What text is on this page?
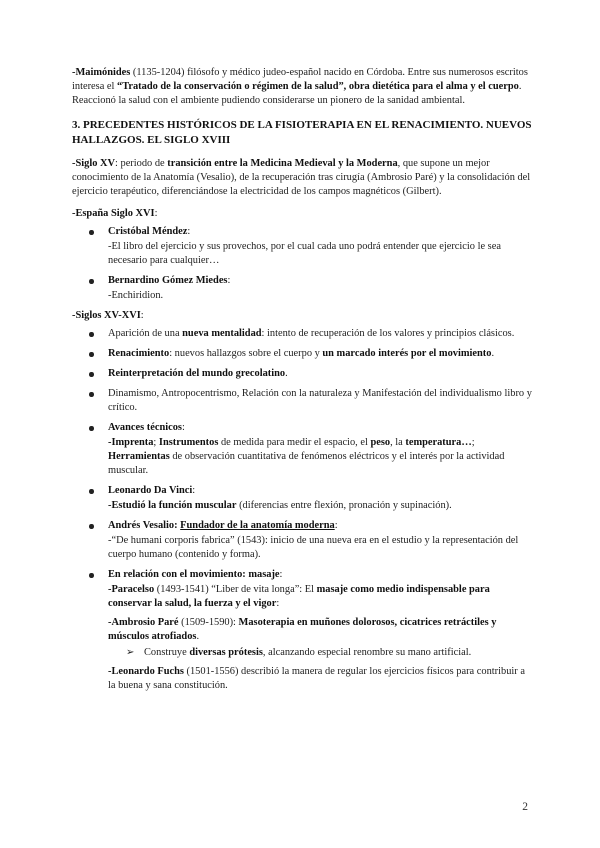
-Maimónides (1135-1204) filósofo y médico judeo-español nacido en Córdoba. Entre sus numerosos escritos interesa el “Tratado de la conservación o régimen de la salud”, obra dietética para el alma y el cuerpo. Reaccionó la salud con el ambiente pudiendo considerarse un pionero de la sanidad ambiental.

3. PRECEDENTES HISTÓRICOS DE LA FISIOTERAPIA EN EL RENACIMIENTO. NUEVOS HALLAZGOS. EL SIGLO XVIII

-Siglo XV: periodo de transición entre la Medicina Medieval y la Moderna, que supone un mejor conocimiento de la Anatomía (Vesalio), de la recuperación tras cirugía (Ambrosio Paré) y la consolidación del ejercicio terapéutico, diferenciándose la electricidad de los campos magnéticos (Gilbert).

-España Siglo XVI:

Cristóbal Méndez:

-El libro del ejercicio y sus provechos, por el cual cada uno podrá entender que ejercicio le sea necesario para cualquier…

Bernardino Gómez Miedes:

-Enchiridion.

-Siglos XV-XVI:

Aparición de una nueva mentalidad: intento de recuperación de los valores y principios clásicos.
Renacimiento: nuevos hallazgos sobre el cuerpo y un marcado interés por el movimiento.
Reinterpretación del mundo grecolatino.
Dinamismo, Antropocentrismo, Relación con la naturaleza y Manifestación del individualismo libro y crítico.
Avances técnicos:

-Imprenta; Instrumentos de medida para medir el espacio, el peso, la temperatura…; Herramientas de observación cuantitativa de fenómenos eléctricos y el interés por la actividad muscular.

Leonardo Da Vinci:

-Estudió la función muscular (diferencias entre flexión, pronación y supinación).

Andrés Vesalio: Fundador de la anatomía moderna:

-“De humani corporis fabrica” (1543): inicio de una nueva era en el estudio y la representación del cuerpo humano (contenido y forma).

En relación con el movimiento: masaje:

-Paracelso (1493-1541) “Liber de vita longa”: El masaje como medio indispensable para conservar la salud, la fuerza y el vigor:

-Ambrosio Paré (1509-1590): Masoterapia en muñones dolorosos, cicatrices retráctiles y músculos atrofiados.

➢ Construye diversas prótesis, alcanzando especial renombre su mano artificial.

-Leonardo Fuchs (1501-1556) describió la manera de regular los ejercicios físicos para contribuir a la buena y sana constitución.

2
